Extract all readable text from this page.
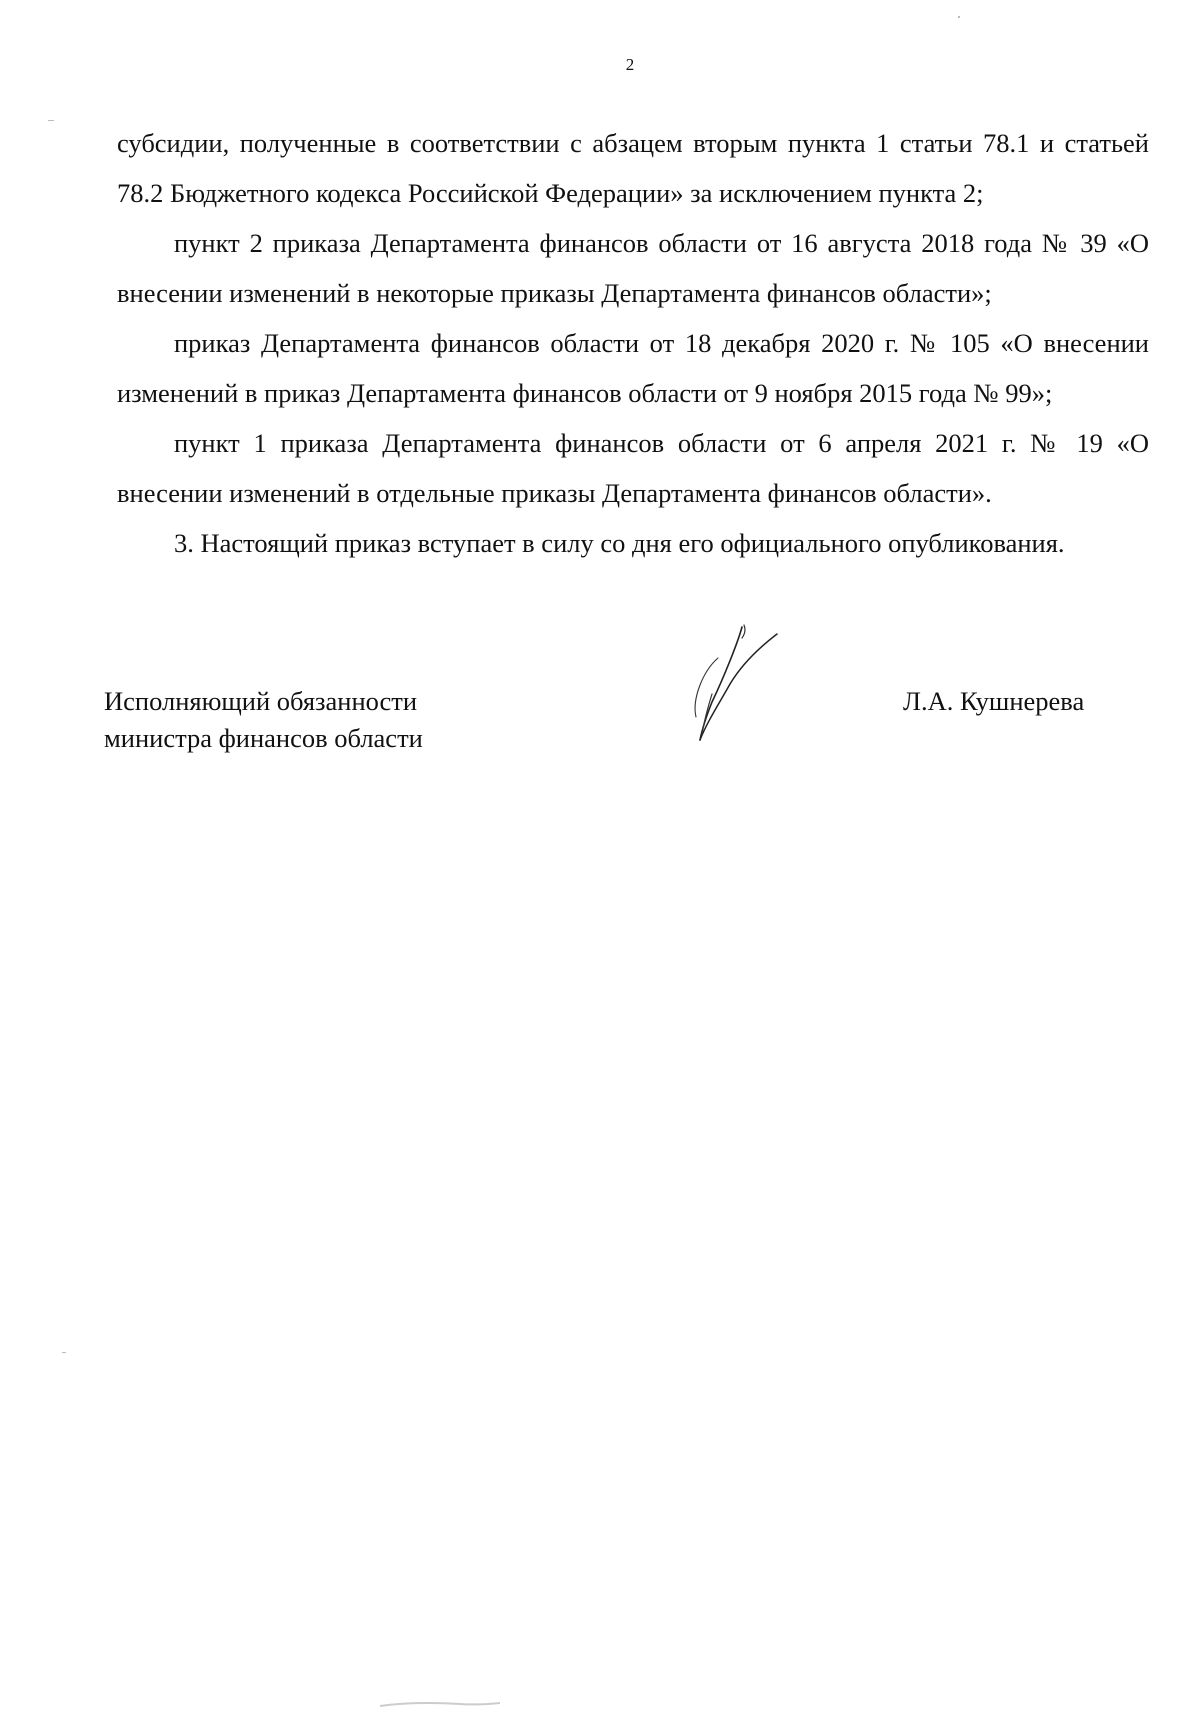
2

субсидии, полученные в соответствии с абзацем вторым пункта 1 статьи 78.1 и статьей 78.2 Бюджетного кодекса Российской Федерации» за исключением пункта 2;

пункт 2 приказа Департамента финансов области от 16 августа 2018 года № 39 «О внесении изменений в некоторые приказы Департамента финансов области»;

приказ Департамента финансов области от 18 декабря 2020 г. № 105 «О внесении изменений в приказ Департамента финансов области от 9 ноября 2015 года № 99»;

пункт 1 приказа Департамента финансов области от 6 апреля 2021 г. № 19 «О внесении изменений в отдельные приказы Департамента финансов области».

3. Настоящий приказ вступает в силу со дня его официального опубликования.

Исполняющий обязанности
министра финансов области
Л.А. Кушнерева
